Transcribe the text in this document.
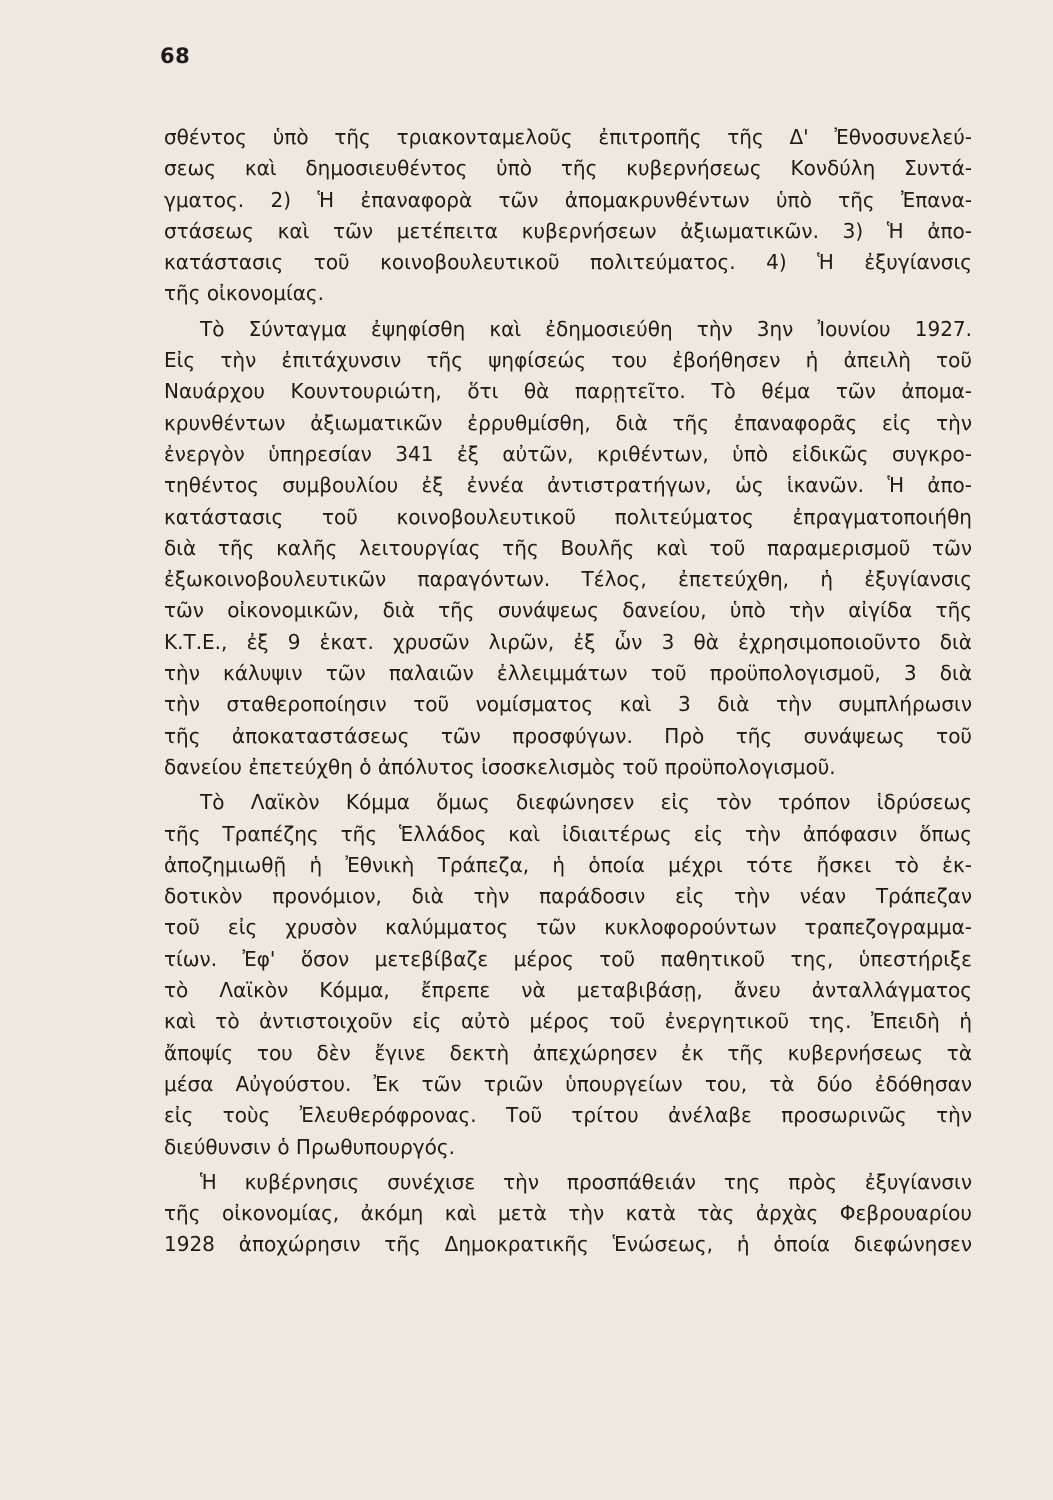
68
σθέντος ὑπὸ τῆς τριακονταμελοῦς ἐπιτροπῆς τῆς Δ' Ἐθνοσυνελεύ-
σεως καὶ δημοσιευθέντος ὑπὸ τῆς κυβερνήσεως Κονδύλη Συντά-
γματος. 2) Ἡ ἐπαναφορὰ τῶν ἀπομακρυνθέντων ὑπὸ τῆς Ἐπανα-
στάσεως καὶ τῶν μετέπειτα κυβερνήσεων ἀξιωματικῶν. 3) Ἡ ἀπο-
κατάστασις τοῦ κοινοβουλευτικοῦ πολιτεύματος. 4) Ἡ ἐξυγίανσις
τῆς οἰκονομίας.
Τὸ Σύνταγμα ἐψηφίσθη καὶ ἐδημοσιεύθη τὴν 3ην Ἰουνίου 1927.
Εἰς τὴν ἐπιτάχυνσιν τῆς ψηφίσεώς του ἐβοήθησεν ἡ ἀπειλὴ τοῦ
Ναυάρχου Κουντουριώτη, ὅτι θὰ παρῃτεῖτο. Τὸ θέμα τῶν ἀπομα-
κρυνθέντων ἀξιωματικῶν ἐρρυθμίσθη, διὰ τῆς ἐπαναφορᾶς εἰς τὴν
ἐνεργὸν ὑπηρεσίαν 341 ἐξ αὐτῶν, κριθέντων, ὑπὸ εἰδικῶς συγκρο-
τηθέντος συμβουλίου ἐξ ἐννέα ἀντιστρατήγων, ὡς ἱκανῶν. Ἡ ἀπο-
κατάστασις τοῦ κοινοβουλευτικοῦ πολιτεύματος ἐπραγματοποιήθη
διὰ τῆς καλῆς λειτουργίας τῆς Βουλῆς καὶ τοῦ παραμερισμοῦ τῶν
ἐξωκοινοβουλευτικῶν παραγόντων. Τέλος, ἐπετεύχθη, ἡ ἐξυγίανσις
τῶν οἰκονομικῶν, διὰ τῆς συνάψεως δανείου, ὑπὸ τὴν αἰγίδα τῆς
Κ.Τ.Ε., ἐξ 9 ἑκατ. χρυσῶν λιρῶν, ἐξ ὧν 3 θὰ ἐχρησιμοποιοῦντο διὰ
τὴν κάλυψιν τῶν παλαιῶν ἐλλειμμάτων τοῦ προϋπολογισμοῦ, 3 διὰ
τὴν σταθεροποίησιν τοῦ νομίσματος καὶ 3 διὰ τὴν συμπλήρωσιν
τῆς ἀποκαταστάσεως τῶν προσφύγων. Πρὸ τῆς συνάψεως τοῦ
δανείου ἐπετεύχθη ὁ ἀπόλυτος ἰσοσκελισμὸς τοῦ προϋπολογισμοῦ.
Τὸ Λαϊκὸν Κόμμα ὅμως διεφώνησεν εἰς τὸν τρόπον ἱδρύσεως
τῆς Τραπέζης τῆς Ἑλλάδος καὶ ἰδιαιτέρως εἰς τὴν ἀπόφασιν ὅπως
ἀποζημιωθῇ ἡ Ἐθνικὴ Τράπεζα, ἡ ὁποία μέχρι τότε ἤσκει τὸ ἐκ-
δοτικὸν προνόμιον, διὰ τὴν παράδοσιν εἰς τὴν νέαν Τράπεζαν
τοῦ εἰς χρυσὸν καλύμματος τῶν κυκλοφορούντων τραπεζογραμμα-
τίων. Ἐφ' ὅσον μετεβίβαζε μέρος τοῦ παθητικοῦ της, ὑπεστήριξε
τὸ Λαϊκὸν Κόμμα, ἔπρεπε νὰ μεταβιβάσῃ, ἄνευ ἀνταλλάγματος
καὶ τὸ ἀντιστοιχοῦν εἰς αὐτὸ μέρος τοῦ ἐνεργητικοῦ της. Ἐπειδὴ ἡ
ἄποψίς του δὲν ἔγινε δεκτὴ ἀπεχώρησεν ἐκ τῆς κυβερνήσεως τὰ
μέσα Αὐγούστου. Ἐκ τῶν τριῶν ὑπουργείων του, τὰ δύο ἐδόθησαν
εἰς τοὺς Ἐλευθερόφρονας. Τοῦ τρίτου ἀνέλαβε προσωρινῶς τὴν
διεύθυνσιν ὁ Πρωθυπουργός.
Ἡ κυβέρνησις συνέχισε τὴν προσπάθειάν της πρὸς ἐξυγίανσιν
τῆς οἰκονομίας, ἀκόμη καὶ μετὰ τὴν κατὰ τὰς ἀρχὰς Φεβρουαρίου
1928 ἀποχώρησιν τῆς Δημοκρατικῆς Ἑνώσεως, ἡ ὁποία διεφώνησεν
